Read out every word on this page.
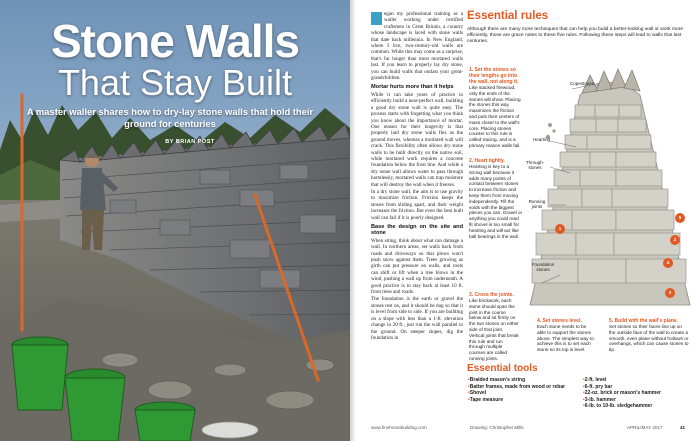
Stone Walls
That Stay Built
A master waller shares how to dry-lay stone walls that hold their ground for centuries
BY BRIAN POST

egan my professional training as a waller working under certified craftsmen in Great Britain, a country whose landscape is laced with stone walls that date back millennia. In New England, where I live, two-century-old walls are common. While this may come as a surprise, that's far longer than most mortared walls last. If you learn to properly lay dry stone, you can build walls that outlast your great-grandchildren.

Mortar hurts more than it helps

While it can take years of practice to efficiently build a near-perfect wall, building a good dry stone wall is quite easy. The process starts with forgetting what you think you know about the importance of mortar. One reason for their longevity is that properly laid dry stone walls flex as the ground moves, whereas a mortared wall will crack. This flexibility often allows dry stone walls to be built directly on the native soil, while mortared work requires a concrete foundation below the frost line. And while a dry stone wall allows water to pass through harmlessly, mortared walls can trap moisture that will destroy the wall when it freezes.

In a dry stone wall, the aim is to use gravity to maximize friction. Friction keeps the stones from sliding apart, and their weight increases the friction. But even the best built wall can fail if it is poorly designed.

Base the design on the site and stone

When siting, think about what can damage a wall. In northern areas, set walls back from roads and driveways so that plows won't push snow against them. Trees growing as girth can put pressure on walls, and roots can shift or lift when a tree blows in the wind, pushing a wall up from underneath. A good practice is to stay back at least 10 ft. from trees and roads.

The foundation is the earth or gravel the stones rest on, and it should be dug so that it is level from side to side. If you are building on a slope with less than a 1-ft. elevation change in 20 ft., just run the wall parallel to the ground. On steeper slopes, dig the foundation in

Essential rules
Although there are many more techniques that can help you build a better-looking wall or work more efficiently, those are grace notes to these five rules. Following these steps will lead to walls that last centuries.
Copestones
Hearting
Through-stones
Running joints
Foundation stones
1
2
4
3
5
1. Set the stones so their lengths go into the wall, not along it.
Like stacked firewood, only the ends of the stones will show. Placing the stones this way maximizes the friction and puts their centers of mass closer to the wall's core. Placing stones counter to this rule is called tracing, and is a primary reason walls fail.
2. Heart tightly.
Hearting is key to a strong wall because it adds many points of contact between stones to increase friction and keep them from moving independently. Fill the voids with the biggest pieces you can. Gravel or anything you could read fit shovel is too small for hearting and will act like ball bearings in the wall.
3. Cross the joints.
Like brickwork, each stone should span the joint in the course below and sit firmly on the two stones on either side of that joint. Vertical joints that break this rule and run through multiple courses are called running joints.
4. Set stones level.
Each stone needs to be able to support the stones above. The simplest way to achieve this is to set each stone so its top is level.
5. Build with the wall's plane.
Set stones so their faces line up on the outside face of the wall to create a smooth, even plane without hollows or overhangs, which can cause stones to tip.
Essential tools
• Braided mason's string
• Batter frames, made from wood or rebar
• Shovel
• Tape measure
• 2-ft. level
• 6-ft. pry bar
• 22-oz. brick or mason's hammer
• 3-lb. hammer
• 6-lb. to 10-lb. sledgehammer
www.finehomebuilding.com	Drawing: Christopher Mills	APRIL/MAY 2017	41
